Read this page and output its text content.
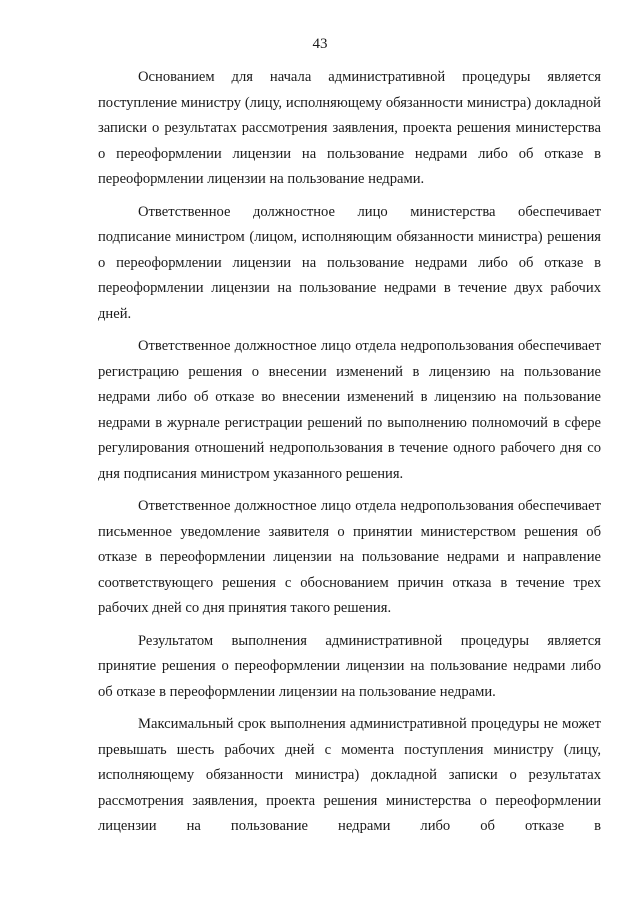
43

Основанием для начала административной процедуры является поступление министру (лицу, исполняющему обязанности министра) докладной записки о результатах рассмотрения заявления, проекта решения министерства о переоформлении лицензии на пользование недрами либо об отказе в переоформлении лицензии на пользование недрами.

Ответственное должностное лицо министерства обеспечивает подписание министром (лицом, исполняющим обязанности министра) решения о переоформлении лицензии на пользование недрами либо об отказе в переоформлении лицензии на пользование недрами в течение двух рабочих дней.

Ответственное должностное лицо отдела недропользования обеспечивает регистрацию решения о внесении изменений в лицензию на пользование недрами либо об отказе во внесении изменений в лицензию на пользование недрами в журнале регистрации решений по выполнению полномочий в сфере регулирования отношений недропользования в течение одного рабочего дня со дня подписания министром указанного решения.

Ответственное должностное лицо отдела недропользования обеспечивает письменное уведомление заявителя о принятии министерством решения об отказе в переоформлении лицензии на пользование недрами и направление соответствующего решения с обоснованием причин отказа в течение трех рабочих дней со дня принятия такого решения.

Результатом выполнения административной процедуры является принятие решения о переоформлении лицензии на пользование недрами либо об отказе в переоформлении лицензии на пользование недрами.

Максимальный срок выполнения административной процедуры не может превышать шесть рабочих дней с момента поступления министру (лицу, исполняющему обязанности министра) докладной записки о результатах рассмотрения заявления, проекта решения министерства о переоформлении лицензии на пользование недрами либо об отказе в
